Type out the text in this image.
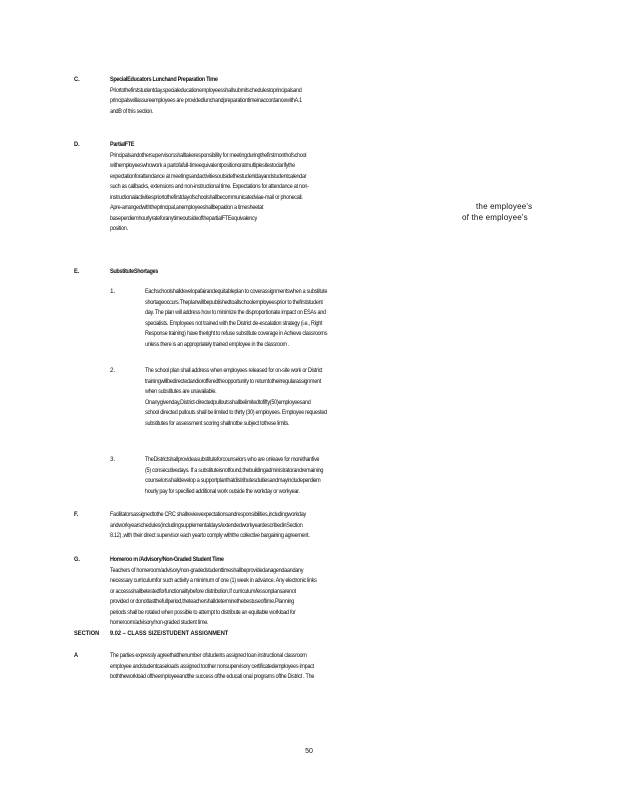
C.	SpecialEducators Lunchand Preparation Time
Priortothefirststudentday,specialeducationemployeesshallsubmitschedulestoprincipalsand
principalswillassureemployees are providedlunchandpreparationtimeinaccordancewithA.1
andB of this section.
D.	PartialFTE
Principalsandothersupervisorsshalltakeresponsibility for meetingduringthefirstmonthofschool
withemployeeswhowork a partofafull-timeequivalentpositionoratmultiplesitestoclarifythe
expectationforattendance at meetingsandactivitiesoutsidethestudentdayandstudentcalendar
such as callbacks, extensions and non-instructional time. Expectations for attendance at non-
instructionalactivitiespriortothefirstdayofschoolshallbecommunicatedviae-mail or phonecall.
Apre-arrangedwiththeprincipal,anemployeeshallbepaidon a timesheetat
baseperdiemhourlyrateforanytimeoutsideofthepartialFTEequivalency
position.
the employee's
of the employee's
E.	SubstituteShortages
1.	Eachschoolshalldevelopafairandequitableplan to coverassignmentswhen a substitute
shortageoccurs.Theplanwillbepublishedtoallschoolemployeesprior to thefirststudent
day. The plan will address how to minimize the disproportionate impact on ESAs and
specialists. Employees not trained with the District de-escalation strategy (i.e., Right
Response training) have theright to refuse substitute coverage in Achieve classrooms
unless there is an appropriately trained employee in the classroom .
2.	The school plan shall address when employees released for on-site work or District
trainingwillbedirectedandiorofferedtheopportunity to returntotheirregularassignment
when substitutes are unavailable.
Onanygivenday,District-directedpulloutsshallbelimitedtofifty(50)employeesand
school directed pullouts shall be limited to thirty (30) employees. Employee requested
substitutes for assessment scoring shallnotbe subject tothese limits.
3.	TheDistrictshallprovideasubstituteforcounselors who are onleave for morethanfive
(5) consecutivedays. If a substituteisnotfound,thebuildingadministratorandremaining
counselorsshalldevelop a supportplanthatdistributesduitiesandmayincludeperdiem
hourly pay for specified additional work outside the workday or workyear.
F.	Facilitatorsassignedtothe CRC shallreviewexpectationsandresponsibilities,includingworkday
andworkyearschedules(includingsupplementaldays/extendedworkyeardescribedinSection
8.12) ,with their direct supervisor each yearto comply withthe collective bargaining agreement.
G.	Homeroo m /Advisory/Non-Graded Student Time
Teachers of homeroom/advisory/non-gradedstudenttimeshallbeprovidedanagendaandany
necessary curriculumfor such activity a minimum of one (1) week in advance. Any electronic links
or accessshallbetestedforfunctionalitybefore distribution.If curriculum/lessonplansarenot
provided or donotlastthefullperiod,theteachershalldeterminethebestuseoftime.Planning
periods shall be rotated when possible to attempt to distribute an equitable workload for
homeroom/advisory/non-graded student time.
SECTION 9.02 – CLASS SIZE/STUDENT ASSIGNMENT
A	The parties expressly agreethatthenumber ofstudents assigned toan instructional classroom
employee andstudentcaseloads assigned toother nonsupervisory certificatedemployees impact
boththeworkload oftheemployeeandthe success ofthe educati onal programs ofthe District . The
50
